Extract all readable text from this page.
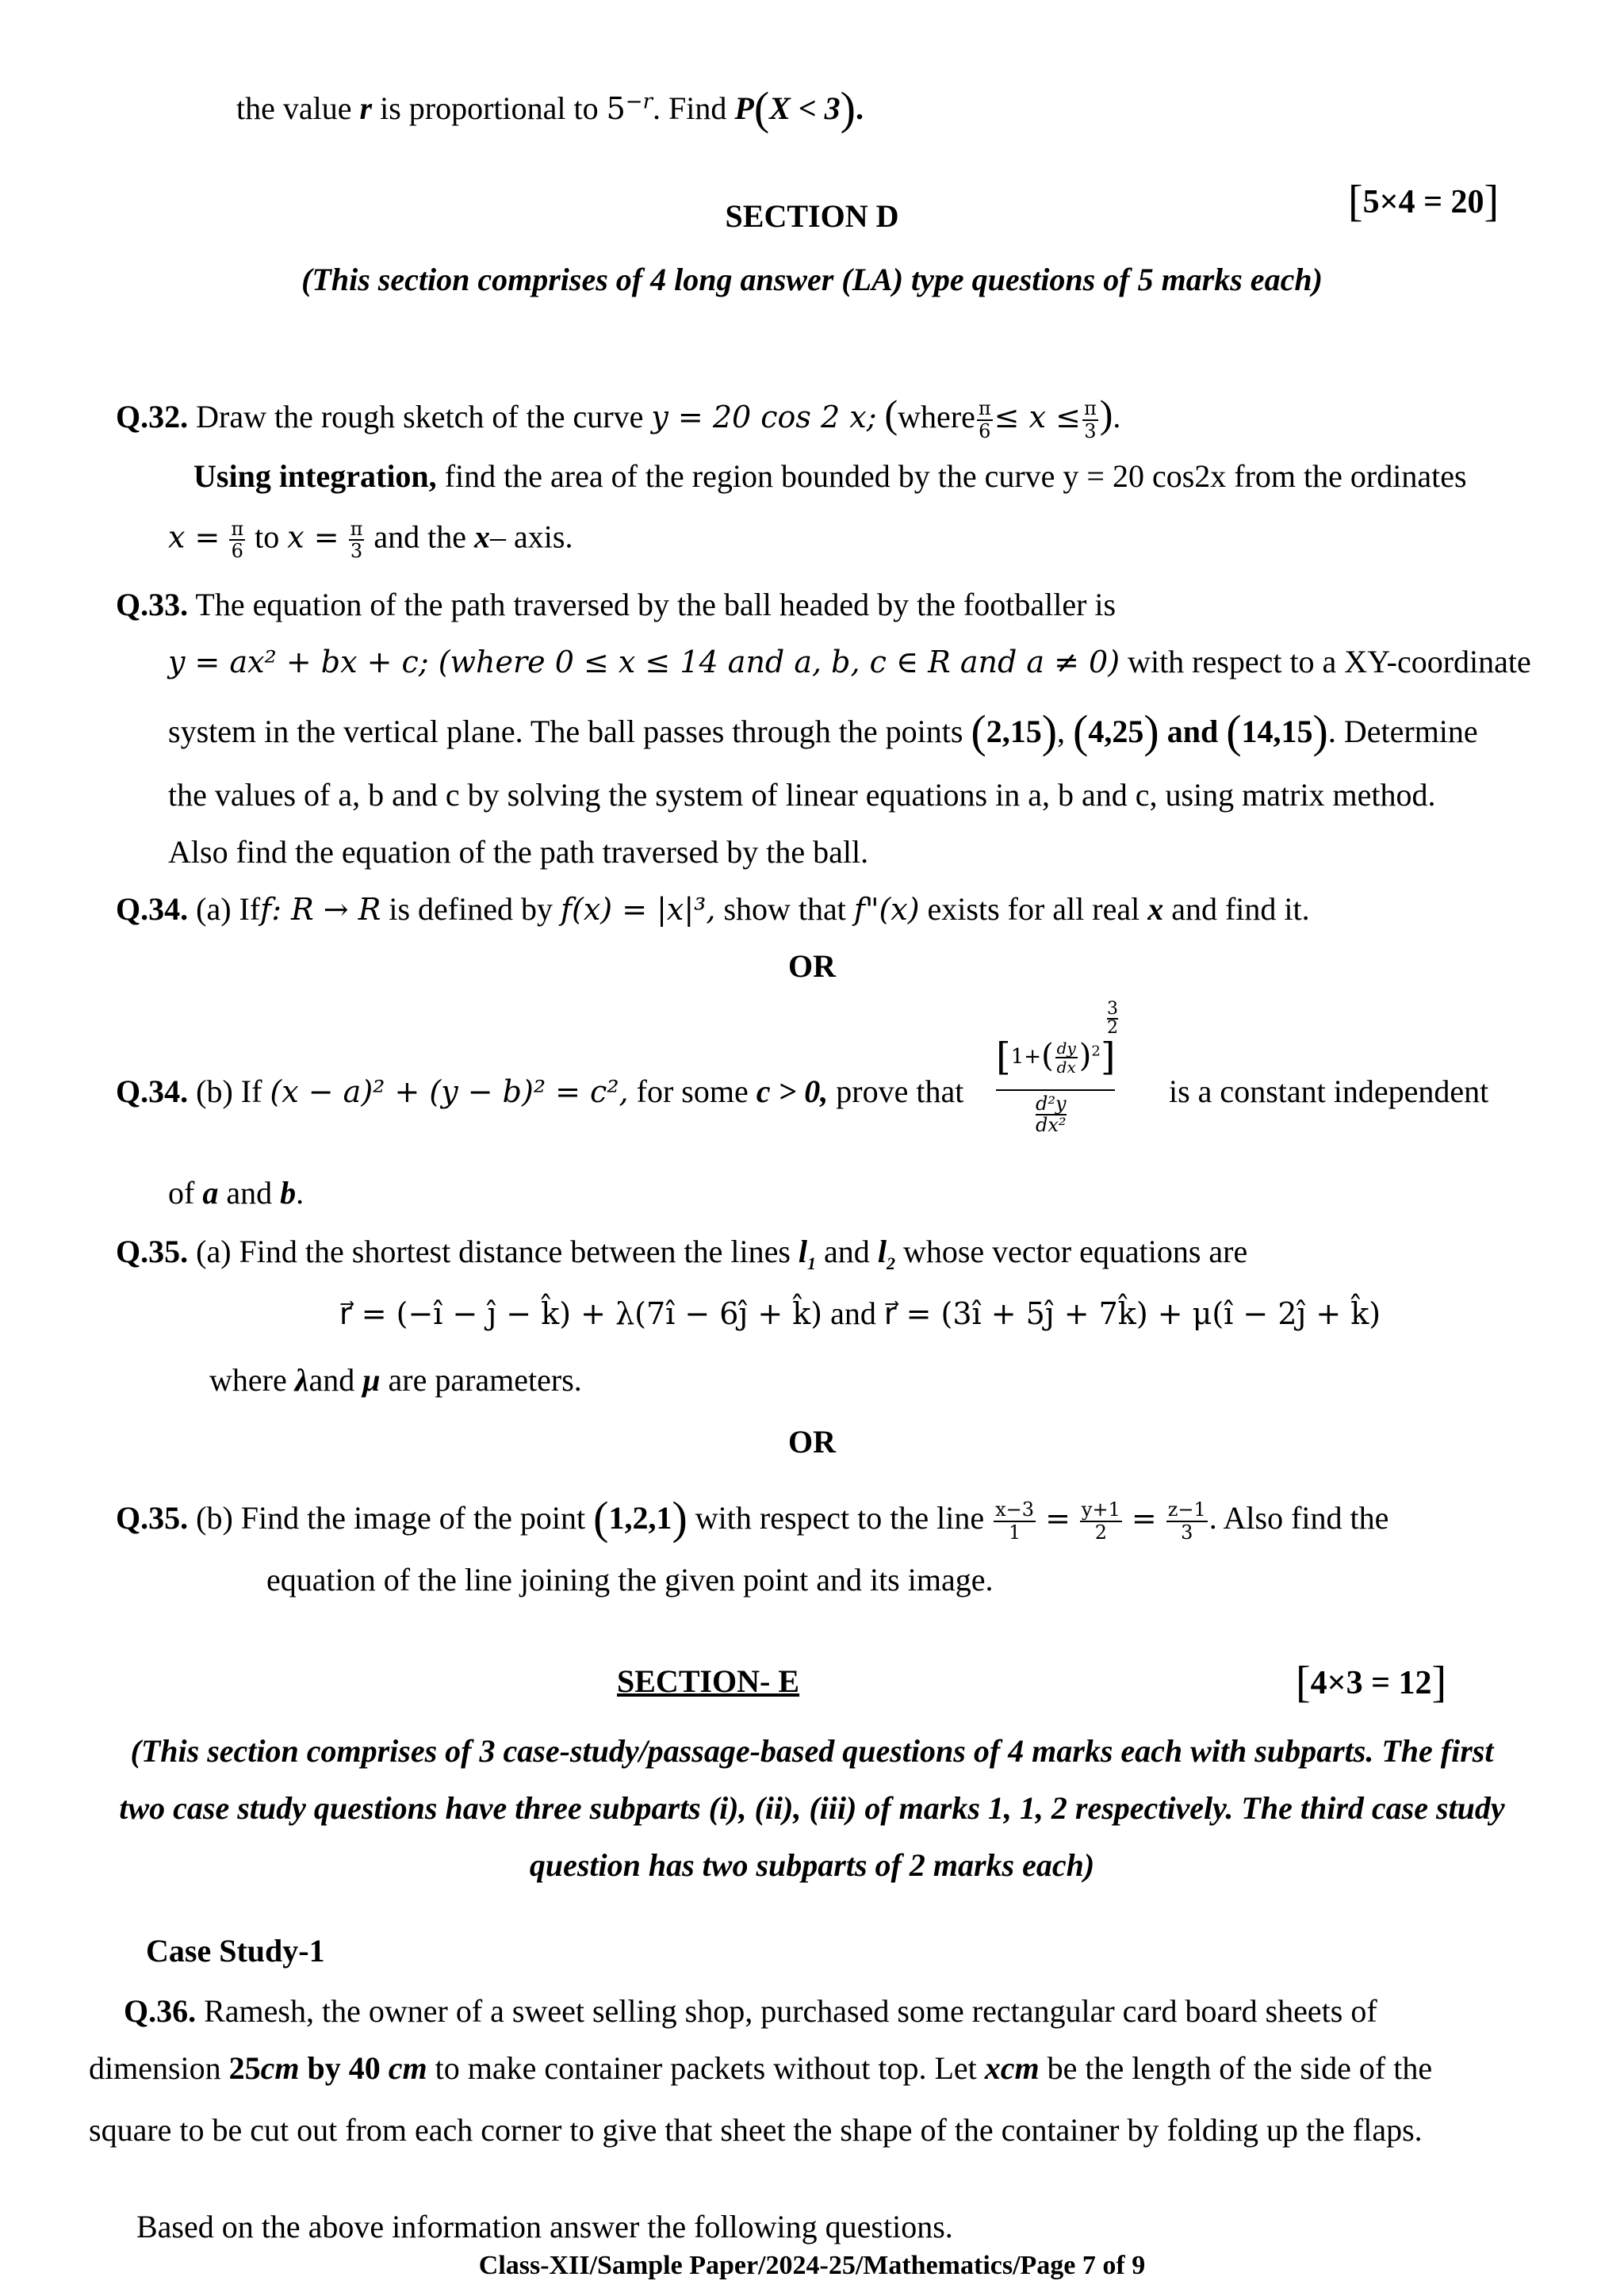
the value r is proportional to $5^{-r}$. Find P(X < 3).
SECTION D	[5×4 = 20]
(This section comprises of 4 long answer (LA) type questions of 5 marks each)
Q.32. Draw the rough sketch of the curve y = 20 cos 2 x; (where $\frac{\pi}{6} \le x \le \frac{\pi}{3}$ ).
Using integration, find the area of the region bounded by the curve y = 20 cos2x from the ordinates
$x = \frac{\pi}{6}$ to $x = \frac{\pi}{3}$ and the x– axis.
Q.33. The equation of the path traversed by the ball headed by the footballer is
y = ax² + bx + c; (where 0 ≤ x ≤ 14 and a, b, c ∈ R and a ≠ 0) with respect to a XY-coordinate
system in the vertical plane. The ball passes through the points (2,15), (4,25) and (14,15). Determine
the values of a, b and c by solving the system of linear equations in a, b and c, using matrix method.
Also find the equation of the path traversed by the ball.
Q.34. (a) Iff: R → R is defined by f(x) = |x|³, show that f"(x) exists for all real x and find it.
OR
Q.34. (b) If (x − a)² + (y − b)² = c², for some c > 0, prove that
3
2
$[1+( \frac{dy}{dx} )^2]$
d²y
dx²
is a constant independent
of a and b.
Q.35. (a) Find the shortest distance between the lines $l_1$ and $l_2$ whose vector equations are
r⃗ = (−î − ĵ − k̂) + λ(7î − 6ĵ + k̂) and r⃗ = (3î + 5ĵ + 7k̂) + μ(î − 2ĵ + k̂)
where λand μ are parameters.
OR
Q.35. (b) Find the image of the point (1,2,1) with respect to the line $\frac{x-3}{1} = \frac{y+1}{2} = \frac{z-1}{3}$ . Also find the
equation of the line joining the given point and its image.
SECTION- E	[4×3 = 12]
(This section comprises of 3 case-study/passage-based questions of 4 marks each with subparts. The first
two case study questions have three subparts (i), (ii), (iii) of marks 1, 1, 2 respectively. The third case study
question has two subparts of 2 marks each)
Case Study-1
Q.36. Ramesh, the owner of a sweet selling shop, purchased some rectangular card board sheets of
dimension 25cm by 40 cm to make container packets without top. Let xcm be the length of the side of the
square to be cut out from each corner to give that sheet the shape of the container by folding up the flaps.
Based on the above information answer the following questions.
Class-XII/Sample Paper/2024-25/Mathematics/Page 7 of 9
